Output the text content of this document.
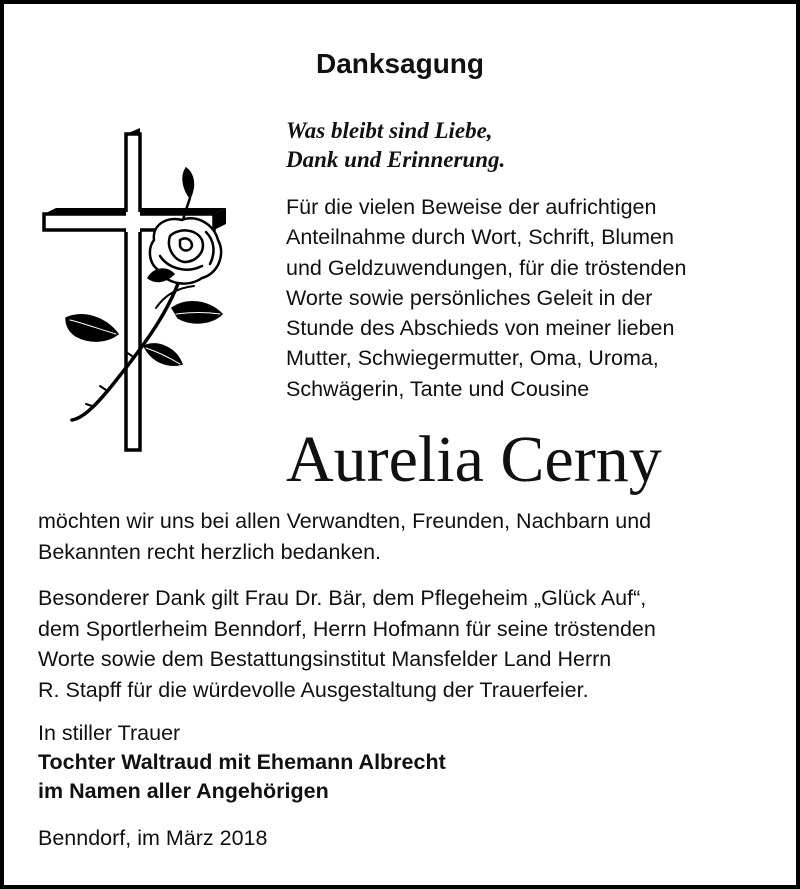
Danksagung
Was bleibt sind Liebe,
Dank und Erinnerung.
Für die vielen Beweise der aufrichtigen
Anteilnahme durch Wort, Schrift, Blumen
und Geldzuwendungen, für die tröstenden
Worte sowie persönliches Geleit in der
Stunde des Abschieds von meiner lieben
Mutter, Schwiegermutter, Oma, Uroma,
Schwägerin, Tante und Cousine
Aurelia Cerny
möchten wir uns bei allen Verwandten, Freunden, Nachbarn und
Bekannten recht herzlich bedanken.
Besonderer Dank gilt Frau Dr. Bär, dem Pflegeheim „Glück Auf“,
dem Sportlerheim Benndorf, Herrn Hofmann für seine tröstenden
Worte sowie dem Bestattungsinstitut Mansfelder Land Herrn
R. Stapff für die würdevolle Ausgestaltung der Trauerfeier.
In stiller Trauer
Tochter Waltraud mit Ehemann Albrecht
im Namen aller Angehörigen
Benndorf, im März 2018
